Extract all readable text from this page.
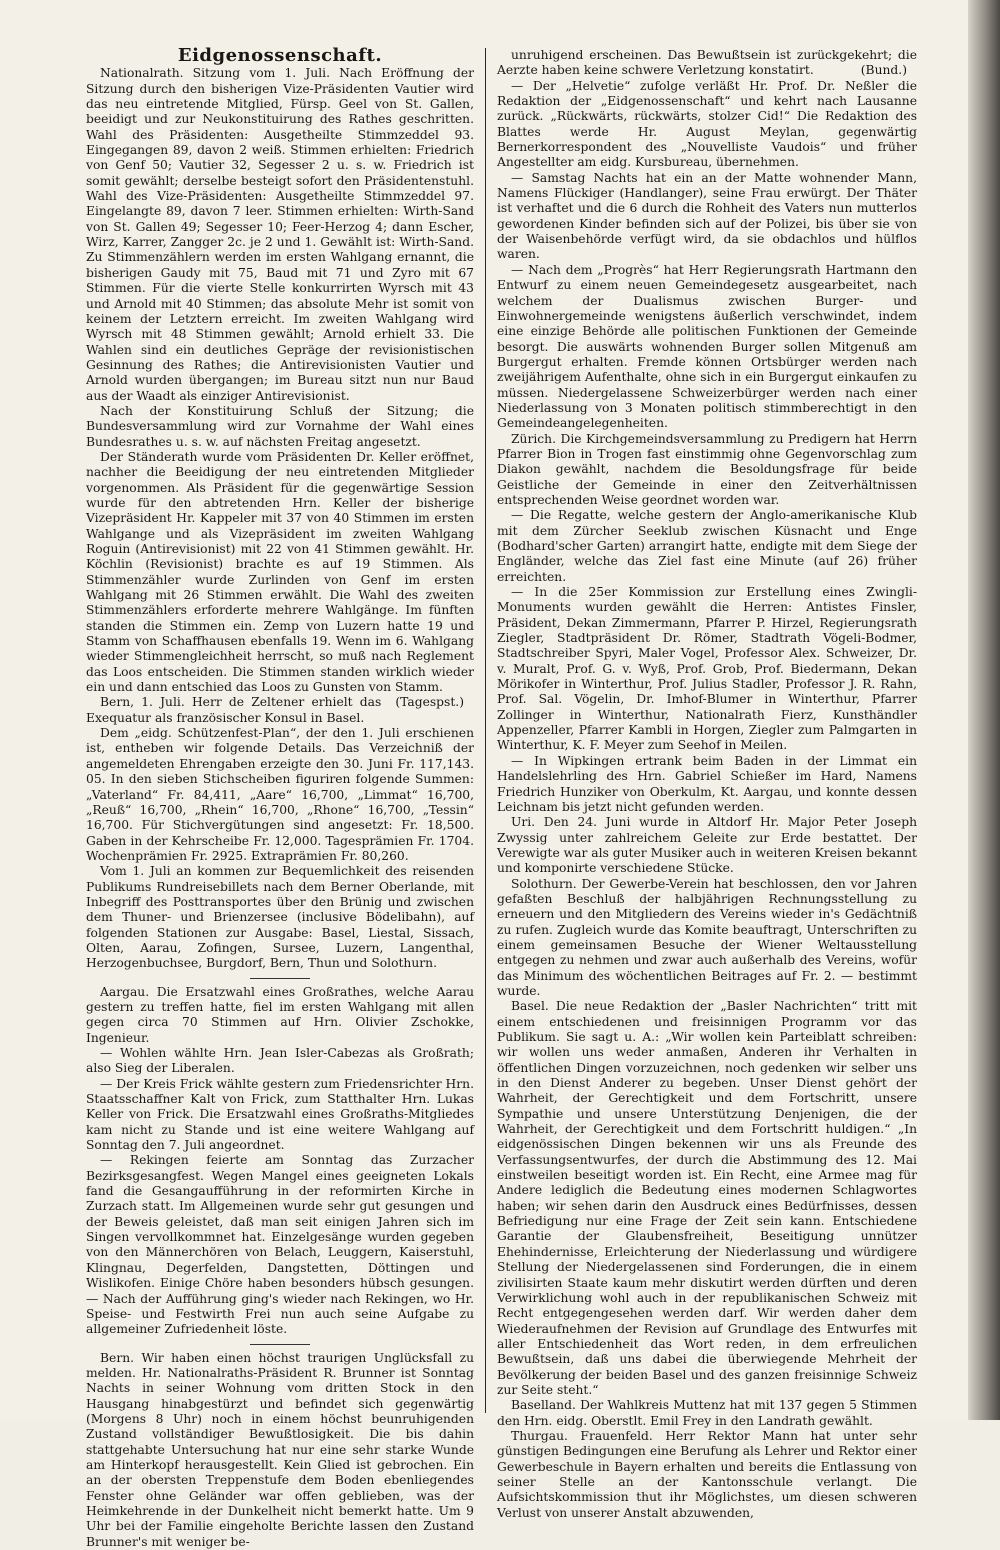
Eidgenossenschaft.

Nationalrath. Sitzung vom 1. Juli. Nach Eröffnung der Sitzung durch den bisherigen Vize-Präsidenten Vautier wird das neu eintretende Mitglied, Fürsp. Geel von St. Gallen, beeidigt und zur Neukonstituirung des Rathes geschritten. Wahl des Präsidenten: Ausgetheilte Stimmzeddel 93. Eingegangen 89, davon 2 weiß. Stimmen erhielten: Friedrich von Genf 50; Vautier 32, Segesser 2 u. s. w. Friedrich ist somit gewählt; derselbe besteigt sofort den Präsidentenstuhl. Wahl des Vize-Präsidenten: Ausgetheilte Stimmzeddel 97. Eingelangte 89, davon 7 leer. Stimmen erhielten: Wirth-Sand von St. Gallen 49; Segesser 10; Feer-Herzog 4; dann Escher, Wirz, Karrer, Zangger 2c. je 2 und 1. Gewählt ist: Wirth-Sand. Zu Stimmenzählern werden im ersten Wahlgang ernannt, die bisherigen Gaudy mit 75, Baud mit 71 und Zyro mit 67 Stimmen. Für die vierte Stelle konkurrirten Wyrsch mit 43 und Arnold mit 40 Stimmen; das absolute Mehr ist somit von keinem der Letztern erreicht. Im zweiten Wahlgang wird Wyrsch mit 48 Stimmen gewählt; Arnold erhielt 33. Die Wahlen sind ein deutliches Gepräge der revisionistischen Gesinnung des Rathes; die Antirevisionisten Vautier und Arnold wurden übergangen; im Bureau sitzt nun nur Baud aus der Waadt als einziger Antirevisionist.

Nach der Konstituirung Schluß der Sitzung; die Bundesversammlung wird zur Vornahme der Wahl eines Bundesrathes u. s. w. auf nächsten Freitag angesetzt.

Der Ständerath wurde vom Präsidenten Dr. Keller eröffnet, nachher die Beeidigung der neu eintretenden Mitglieder vorgenommen. Als Präsident für die gegenwärtige Session wurde für den abtretenden Hrn. Keller der bisherige Vizepräsident Hr. Kappeler mit 37 von 40 Stimmen im ersten Wahlgange und als Vizepräsident im zweiten Wahlgang Roguin (Antirevisionist) mit 22 von 41 Stimmen gewählt. Hr. Köchlin (Revisionist) brachte es auf 19 Stimmen. Als Stimmenzähler wurde Zurlinden von Genf im ersten Wahlgang mit 26 Stimmen erwählt. Die Wahl des zweiten Stimmenzählers erforderte mehrere Wahlgänge. Im fünften standen die Stimmen ein. Zemp von Luzern hatte 19 und Stamm von Schaffhausen ebenfalls 19. Wenn im 6. Wahlgang wieder Stimmengleichheit herrscht, so muß nach Reglement das Loos entscheiden. Die Stimmen standen wirklich wieder ein und dann entschied das Loos zu Gunsten von Stamm.
(Tagespst.)

Bern, 1. Juli. Herr de Zeltener erhielt das Exequatur als französischer Konsul in Basel.

Dem „eidg. Schützenfest-Plan“, der den 1. Juli erschienen ist, entheben wir folgende Details. Das Verzeichniß der angemeldeten Ehrengaben erzeigte den 30. Juni Fr. 117,143. 05. In den sieben Stichscheiben figuriren folgende Summen: „Vaterland“ Fr. 84,411, „Aare“ 16,700, „Limmat“ 16,700, „Reuß“ 16,700, „Rhein“ 16,700, „Rhone“ 16,700, „Tessin“ 16,700. Für Stichvergütungen sind angesetzt: Fr. 18,500. Gaben in der Kehrscheibe Fr. 12,000. Tagesprämien Fr. 1704. Wochenprämien Fr. 2925. Extraprämien Fr. 80,260.

Vom 1. Juli an kommen zur Bequemlichkeit des reisenden Publikums Rundreisebillets nach dem Berner Oberlande, mit Inbegriff des Posttransportes über den Brünig und zwischen dem Thuner- und Brienzersee (inclusive Bödelibahn), auf folgenden Stationen zur Ausgabe: Basel, Liestal, Sissach, Olten, Aarau, Zofingen, Sursee, Luzern, Langenthal, Herzogenbuchsee, Burgdorf, Bern, Thun und Solothurn.

Aargau. Die Ersatzwahl eines Großrathes, welche Aarau gestern zu treffen hatte, fiel im ersten Wahlgang mit allen gegen circa 70 Stimmen auf Hrn. Olivier Zschokke, Ingenieur.

— Wohlen wählte Hrn. Jean Isler-Cabezas als Großrath; also Sieg der Liberalen.

— Der Kreis Frick wählte gestern zum Friedensrichter Hrn. Staatsschaffner Kalt von Frick, zum Statthalter Hrn. Lukas Keller von Frick. Die Ersatzwahl eines Großraths-Mitgliedes kam nicht zu Stande und ist eine weitere Wahlgang auf Sonntag den 7. Juli angeordnet.

— Rekingen feierte am Sonntag das Zurzacher Bezirksgesangfest. Wegen Mangel eines geeigneten Lokals fand die Gesangaufführung in der reformirten Kirche in Zurzach statt. Im Allgemeinen wurde sehr gut gesungen und der Beweis geleistet, daß man seit einigen Jahren sich im Singen vervollkommnet hat. Einzelgesänge wurden gegeben von den Männerchören von Belach, Leuggern, Kaiserstuhl, Klingnau, Degerfelden, Dangstetten, Döttingen und Wislikofen. Einige Chöre haben besonders hübsch gesungen. — Nach der Aufführung ging's wieder nach Rekingen, wo Hr. Speise- und Festwirth Frei nun auch seine Aufgabe zu allgemeiner Zufriedenheit löste.

Bern. Wir haben einen höchst traurigen Unglücksfall zu melden. Hr. Nationalraths-Präsident R. Brunner ist Sonntag Nachts in seiner Wohnung vom dritten Stock in den Hausgang hinabgestürzt und befindet sich gegenwärtig (Morgens 8 Uhr) noch in einem höchst beunruhigenden Zustand vollständiger Bewußtlosigkeit. Die bis dahin stattgehabte Untersuchung hat nur eine sehr starke Wunde am Hinterkopf herausgestellt. Kein Glied ist gebrochen. Ein an der obersten Treppenstufe dem Boden ebenliegendes Fenster ohne Geländer war offen geblieben, was der Heimkehrende in der Dunkelheit nicht bemerkt hatte. Um 9 Uhr bei der Familie eingeholte Berichte lassen den Zustand Brunner's mit weniger be-

unruhigend erscheinen. Das Bewußtsein ist zurückgekehrt; die Aerzte haben keine schwere Verletzung konstatirt.	(Bund.)

— Der „Helvetie“ zufolge verläßt Hr. Prof. Dr. Neßler die Redaktion der „Eidgenossenschaft“ und kehrt nach Lausanne zurück. „Rückwärts, rückwärts, stolzer Cid!“ Die Redaktion des Blattes werde Hr. August Meylan, gegenwärtig Bernerkorrespondent des „Nouvelliste Vaudois“ und früher Angestellter am eidg. Kursbureau, übernehmen.

— Samstag Nachts hat ein an der Matte wohnender Mann, Namens Flückiger (Handlanger), seine Frau erwürgt. Der Thäter ist verhaftet und die 6 durch die Rohheit des Vaters nun mutterlos gewordenen Kinder befinden sich auf der Polizei, bis über sie von der Waisenbehörde verfügt wird, da sie obdachlos und hülflos waren.

— Nach dem „Progrès“ hat Herr Regierungsrath Hartmann den Entwurf zu einem neuen Gemeindegesetz ausgearbeitet, nach welchem der Dualismus zwischen Burger- und Einwohnergemeinde wenigstens äußerlich verschwindet, indem eine einzige Behörde alle politischen Funktionen der Gemeinde besorgt. Die auswärts wohnenden Burger sollen Mitgenuß am Burgergut erhalten. Fremde können Ortsbürger werden nach zweijährigem Aufenthalte, ohne sich in ein Burgergut einkaufen zu müssen. Niedergelassene Schweizerbürger werden nach einer Niederlassung von 3 Monaten politisch stimmberechtigt in den Gemeindeangelegenheiten.

Zürich. Die Kirchgemeindsversammlung zu Predigern hat Herrn Pfarrer Bion in Trogen fast einstimmig ohne Gegenvorschlag zum Diakon gewählt, nachdem die Besoldungsfrage für beide Geistliche der Gemeinde in einer den Zeitverhältnissen entsprechenden Weise geordnet worden war.

— Die Regatte, welche gestern der Anglo-amerikanische Klub mit dem Zürcher Seeklub zwischen Küsnacht und Enge (Bodhard'scher Garten) arrangirt hatte, endigte mit dem Siege der Engländer, welche das Ziel fast eine Minute (auf 26) früher erreichten.

— In die 25er Kommission zur Erstellung eines Zwingli-Monuments wurden gewählt die Herren: Antistes Finsler, Präsident, Dekan Zimmermann, Pfarrer P. Hirzel, Regierungsrath Ziegler, Stadtpräsident Dr. Römer, Stadtrath Vögeli-Bodmer, Stadtschreiber Spyri, Maler Vogel, Professor Alex. Schweizer, Dr. v. Muralt, Prof. G. v. Wyß, Prof. Grob, Prof. Biedermann, Dekan Mörikofer in Winterthur, Prof. Julius Stadler, Professor J. R. Rahn, Prof. Sal. Vögelin, Dr. Imhof-Blumer in Winterthur, Pfarrer Zollinger in Winterthur, Nationalrath Fierz, Kunsthändler Appenzeller, Pfarrer Kambli in Horgen, Ziegler zum Palmgarten in Winterthur, K. F. Meyer zum Seehof in Meilen.

— In Wipkingen ertrank beim Baden in der Limmat ein Handelslehrling des Hrn. Gabriel Schießer im Hard, Namens Friedrich Hunziker von Oberkulm, Kt. Aargau, und konnte dessen Leichnam bis jetzt nicht gefunden werden.

Uri. Den 24. Juni wurde in Altdorf Hr. Major Peter Joseph Zwyssig unter zahlreichem Geleite zur Erde bestattet. Der Verewigte war als guter Musiker auch in weiteren Kreisen bekannt und komponirte verschiedene Stücke.

Solothurn. Der Gewerbe-Verein hat beschlossen, den vor Jahren gefaßten Beschluß der halbjährigen Rechnungsstellung zu erneuern und den Mitgliedern des Vereins wieder in's Gedächtniß zu rufen. Zugleich wurde das Komite beauftragt, Unterschriften zu einem gemeinsamen Besuche der Wiener Weltausstellung entgegen zu nehmen und zwar auch außerhalb des Vereins, wofür das Minimum des wöchentlichen Beitrages auf Fr. 2. — bestimmt wurde.

Basel. Die neue Redaktion der „Basler Nachrichten“ tritt mit einem entschiedenen und freisinnigen Programm vor das Publikum. Sie sagt u. A.: „Wir wollen kein Parteiblatt schreiben: wir wollen uns weder anmaßen, Anderen ihr Verhalten in öffentlichen Dingen vorzuzeichnen, noch gedenken wir selber uns in den Dienst Anderer zu begeben. Unser Dienst gehört der Wahrheit, der Gerechtigkeit und dem Fortschritt, unsere Sympathie und unsere Unterstützung Denjenigen, die der Wahrheit, der Gerechtigkeit und dem Fortschritt huldigen.“ „In eidgenössischen Dingen bekennen wir uns als Freunde des Verfassungsentwurfes, der durch die Abstimmung des 12. Mai einstweilen beseitigt worden ist. Ein Recht, eine Armee mag für Andere lediglich die Bedeutung eines modernen Schlagwortes haben; wir sehen darin den Ausdruck eines Bedürfnisses, dessen Befriedigung nur eine Frage der Zeit sein kann. Entschiedene Garantie der Glaubensfreiheit, Beseitigung unnützer Ehehindernisse, Erleichterung der Niederlassung und würdigere Stellung der Niedergelassenen sind Forderungen, die in einem zivilisirten Staate kaum mehr diskutirt werden dürften und deren Verwirklichung wohl auch in der republikanischen Schweiz mit Recht entgegengesehen werden darf. Wir werden daher dem Wiederaufnehmen der Revision auf Grundlage des Entwurfes mit aller Entschiedenheit das Wort reden, in dem erfreulichen Bewußtsein, daß uns dabei die überwiegende Mehrheit der Bevölkerung der beiden Basel und des ganzen freisinnige Schweiz zur Seite steht.“

Baselland. Der Wahlkreis Muttenz hat mit 137 gegen 5 Stimmen den Hrn. eidg. Oberstlt. Emil Frey in den Landrath gewählt.

Thurgau. Frauenfeld. Herr Rektor Mann hat unter sehr günstigen Bedingungen eine Berufung als Lehrer und Rektor einer Gewerbeschule in Bayern erhalten und bereits die Entlassung von seiner Stelle an der Kantonsschule verlangt. Die Aufsichtskommission thut ihr Möglichstes, um diesen schweren Verlust von unserer Anstalt abzuwenden,
